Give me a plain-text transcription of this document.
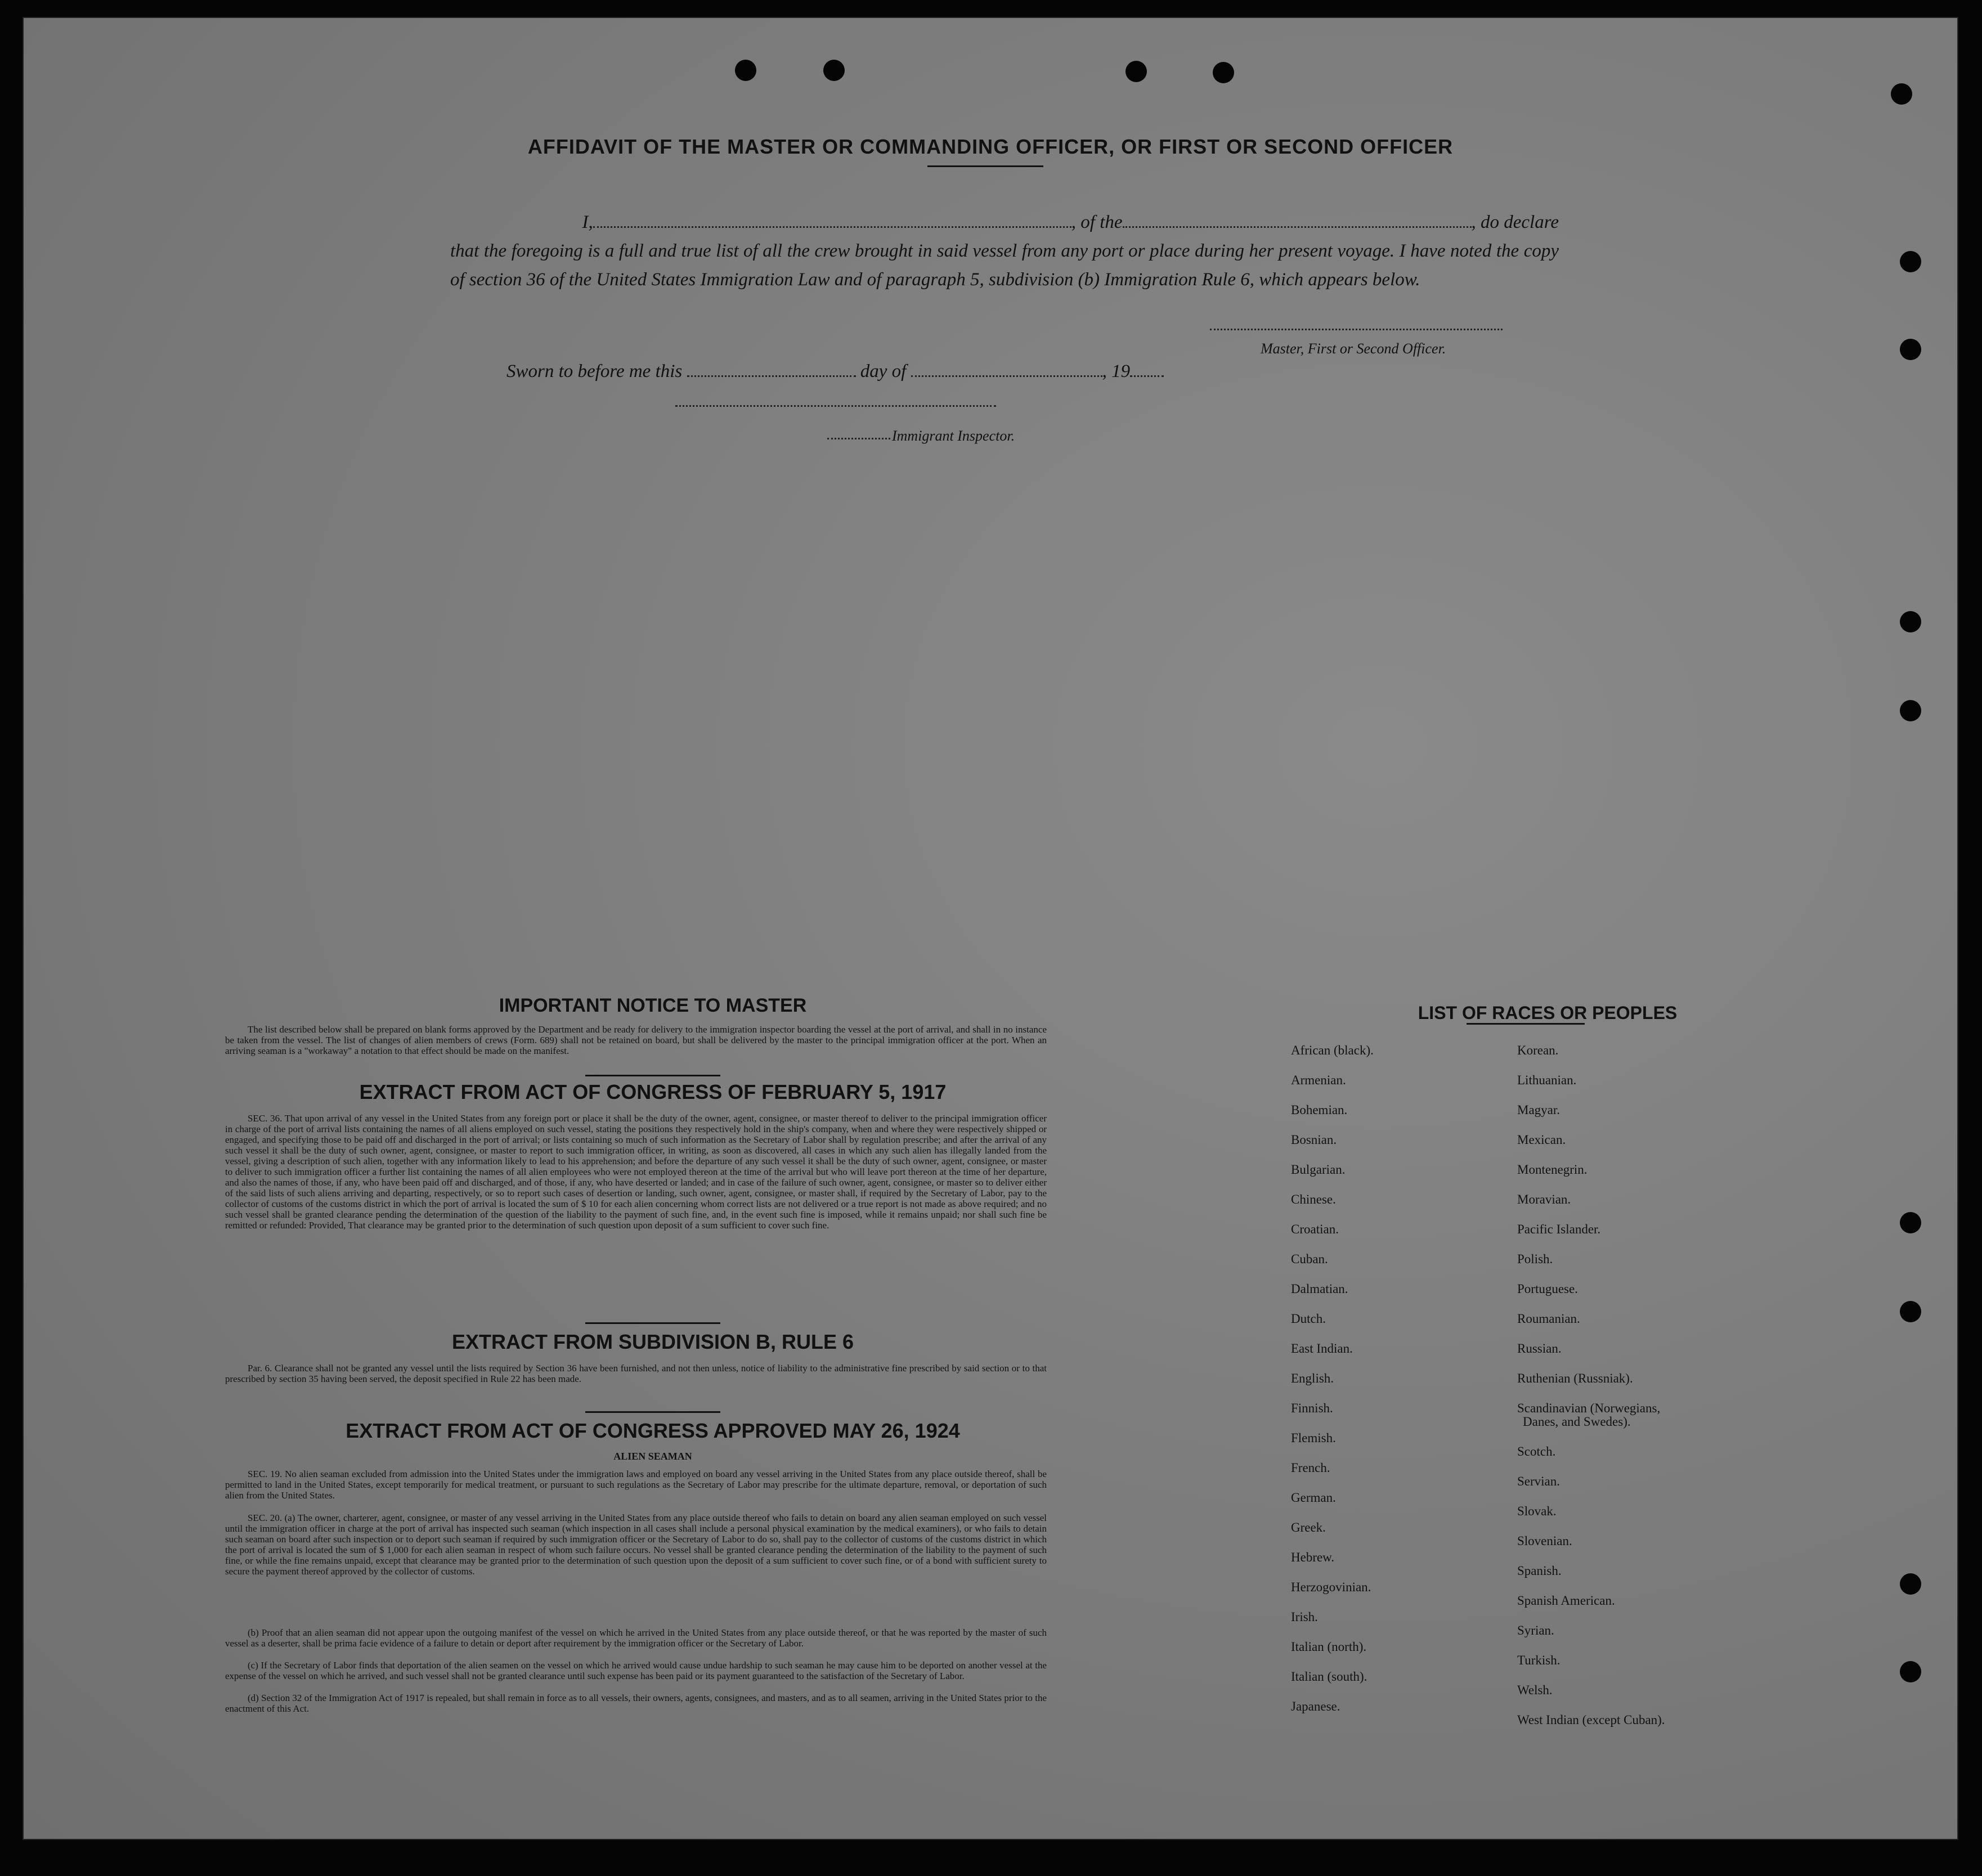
AFFIDAVIT OF THE MASTER OR COMMANDING OFFICER, OR FIRST OR SECOND OFFICER
I,	, of the	, do declare
that the foregoing is a full and true list of all the crew brought in said vessel from any port or place during her present voyage. I have noted the copy of section 36 of the United States Immigration Law and of paragraph 5, subdivision (b) Immigration Rule 6, which appears below.
Master, First or Second Officer.
Sworn to before me this	day of	, 19
Immigrant Inspector.
IMPORTANT NOTICE TO MASTER
The list described below shall be prepared on blank forms approved by the Department and be ready for delivery to the immigration inspector boarding the vessel at the port of arrival, and shall in no instance be taken from the vessel. The list of changes of alien members of crews (Form. 689) shall not be retained on board, but shall be delivered by the master to the principal immigration officer at the port. When an arriving seaman is a "workaway" a notation to that effect should be made on the manifest.
EXTRACT FROM ACT OF CONGRESS OF FEBRUARY 5, 1917
SEC. 36. That upon arrival of any vessel in the United States from any foreign port or place it shall be the duty of the owner, agent, consignee, or master thereof to deliver to the principal immigration officer in charge of the port of arrival lists containing the names of all aliens employed on such vessel, stating the positions they respectively hold in the ship's company, when and where they were respectively shipped or engaged, and specifying those to be paid off and discharged in the port of arrival; or lists containing so much of such information as the Secretary of Labor shall by regulation prescribe; and after the arrival of any such vessel it shall be the duty of such owner, agent, consignee, or master to report to such immigration officer, in writing, as soon as discovered, all cases in which any such alien has illegally landed from the vessel, giving a description of such alien, together with any information likely to lead to his apprehension; and before the departure of any such vessel it shall be the duty of such owner, agent, consignee, or master to deliver to such immigration officer a further list containing the names of all alien employees who were not employed thereon at the time of the arrival but who will leave port thereon at the time of her departure, and also the names of those, if any, who have been paid off and discharged, and of those, if any, who have deserted or landed; and in case of the failure of such owner, agent, consignee, or master so to deliver either of the said lists of such aliens arriving and departing, respectively, or so to report such cases of desertion or landing, such owner, agent, consignee, or master shall, if required by the Secretary of Labor, pay to the collector of customs of the customs district in which the port of arrival is located the sum of $ 10 for each alien concerning whom correct lists are not delivered or a true report is not made as above required; and no such vessel shall be granted clearance pending the determination of the question of the liability to the payment of such fine, and, in the event such fine is imposed, while it remains unpaid; nor shall such fine be remitted or refunded: Provided, That clearance may be granted prior to the determination of such question upon deposit of a sum sufficient to cover such fine.
EXTRACT FROM SUBDIVISION B, RULE 6
Par. 6. Clearance shall not be granted any vessel until the lists required by Section 36 have been furnished, and not then unless, notice of liability to the administrative fine prescribed by said section or to that prescribed by section 35 having been served, the deposit specified in Rule 22 has been made.
EXTRACT FROM ACT OF CONGRESS APPROVED MAY 26, 1924
ALIEN SEAMAN
SEC. 19. No alien seaman excluded from admission into the United States under the immigration laws and employed on board any vessel arriving in the United States from any place outside thereof, shall be permitted to land in the United States, except temporarily for medical treatment, or pursuant to such regulations as the Secretary of Labor may prescribe for the ultimate departure, removal, or deportation of such alien from the United States.
SEC. 20. (a) The owner, charterer, agent, consignee, or master of any vessel arriving in the United States from any place outside thereof who fails to detain on board any alien seaman employed on such vessel until the immigration officer in charge at the port of arrival has inspected such seaman (which inspection in all cases shall include a personal physical examination by the medical examiners), or who fails to detain such seaman on board after such inspection or to deport such seaman if required by such immigration officer or the Secretary of Labor to do so, shall pay to the collector of customs of the customs district in which the port of arrival is located the sum of $ 1,000 for each alien seaman in respect of whom such failure occurs. No vessel shall be granted clearance pending the determination of the liability to the payment of such fine, or while the fine remains unpaid, except that clearance may be granted prior to the determination of such question upon the deposit of a sum sufficient to cover such fine, or of a bond with sufficient surety to secure the payment thereof approved by the collector of customs.
(b) Proof that an alien seaman did not appear upon the outgoing manifest of the vessel on which he arrived in the United States from any place outside thereof, or that he was reported by the master of such vessel as a deserter, shall be prima facie evidence of a failure to detain or deport after requirement by the immigration officer or the Secretary of Labor.
(c) If the Secretary of Labor finds that deportation of the alien seamen on the vessel on which he arrived would cause undue hardship to such seaman he may cause him to be deported on another vessel at the expense of the vessel on which he arrived, and such vessel shall not be granted clearance until such expense has been paid or its payment guaranteed to the satisfaction of the Secretary of Labor.
(d) Section 32 of the Immigration Act of 1917 is repealed, but shall remain in force as to all vessels, their owners, agents, consignees, and masters, and as to all seamen, arriving in the United States prior to the enactment of this Act.
LIST OF RACES OR PEOPLES
African (black).
Armenian.
Bohemian.
Bosnian.
Bulgarian.
Chinese.
Croatian.
Cuban.
Dalmatian.
Dutch.
East Indian.
English.
Finnish.
Flemish.
French.
German.
Greek.
Hebrew.
Herzogovinian.
Irish.
Italian (north).
Italian (south).
Japanese.
Korean.
Lithuanian.
Magyar.
Mexican.
Montenegrin.
Moravian.
Pacific Islander.
Polish.
Portuguese.
Roumanian.
Russian.
Ruthenian (Russniak).
Scandinavian (Norwegians,
Danes, and Swedes).
Scotch.
Servian.
Slovak.
Slovenian.
Spanish.
Spanish American.
Syrian.
Turkish.
Welsh.
West Indian (except Cuban).
